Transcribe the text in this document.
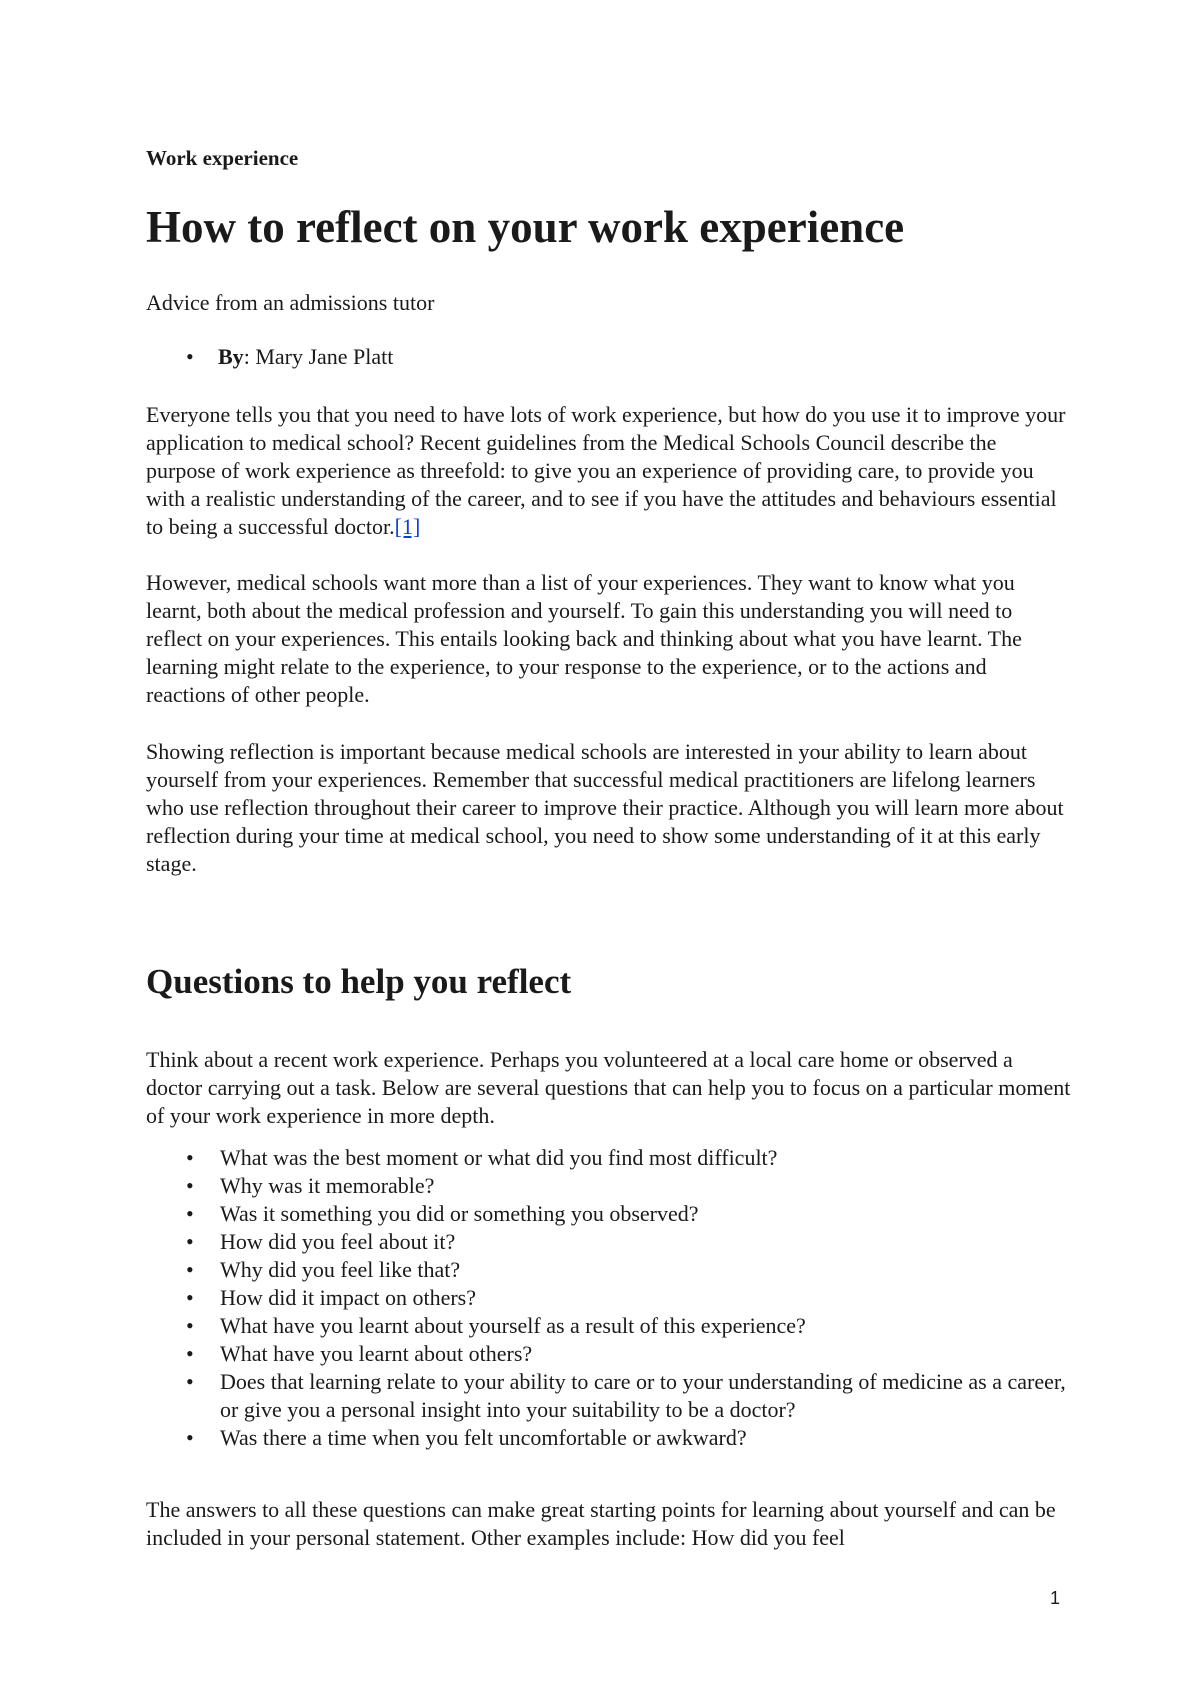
Work experience

How to reflect on your work experience

Advice from an admissions tutor

• By: Mary Jane Platt

Everyone tells you that you need to have lots of work experience, but how do you use it to improve your application to medical school? Recent guidelines from the Medical Schools Council describe the purpose of work experience as threefold: to give you an experience of providing care, to provide you with a realistic understanding of the career, and to see if you have the attitudes and behaviours essential to being a successful doctor.[1]

However, medical schools want more than a list of your experiences. They want to know what you learnt, both about the medical profession and yourself. To gain this understanding you will need to reflect on your experiences. This entails looking back and thinking about what you have learnt. The learning might relate to the experience, to your response to the experience, or to the actions and reactions of other people.

Showing reflection is important because medical schools are interested in your ability to learn about yourself from your experiences. Remember that successful medical practitioners are lifelong learners who use reflection throughout their career to improve their practice. Although you will learn more about reflection during your time at medical school, you need to show some understanding of it at this early stage.

Questions to help you reflect

Think about a recent work experience. Perhaps you volunteered at a local care home or observed a doctor carrying out a task. Below are several questions that can help you to focus on a particular moment of your work experience in more depth.

• What was the best moment or what did you find most difficult?
• Why was it memorable?
• Was it something you did or something you observed?
• How did you feel about it?
• Why did you feel like that?
• How did it impact on others?
• What have you learnt about yourself as a result of this experience?
• What have you learnt about others?
• Does that learning relate to your ability to care or to your understanding of medicine as a career, or give you a personal insight into your suitability to be a doctor?
• Was there a time when you felt uncomfortable or awkward?

The answers to all these questions can make great starting points for learning about yourself and can be included in your personal statement. Other examples include: How did you feel

1
